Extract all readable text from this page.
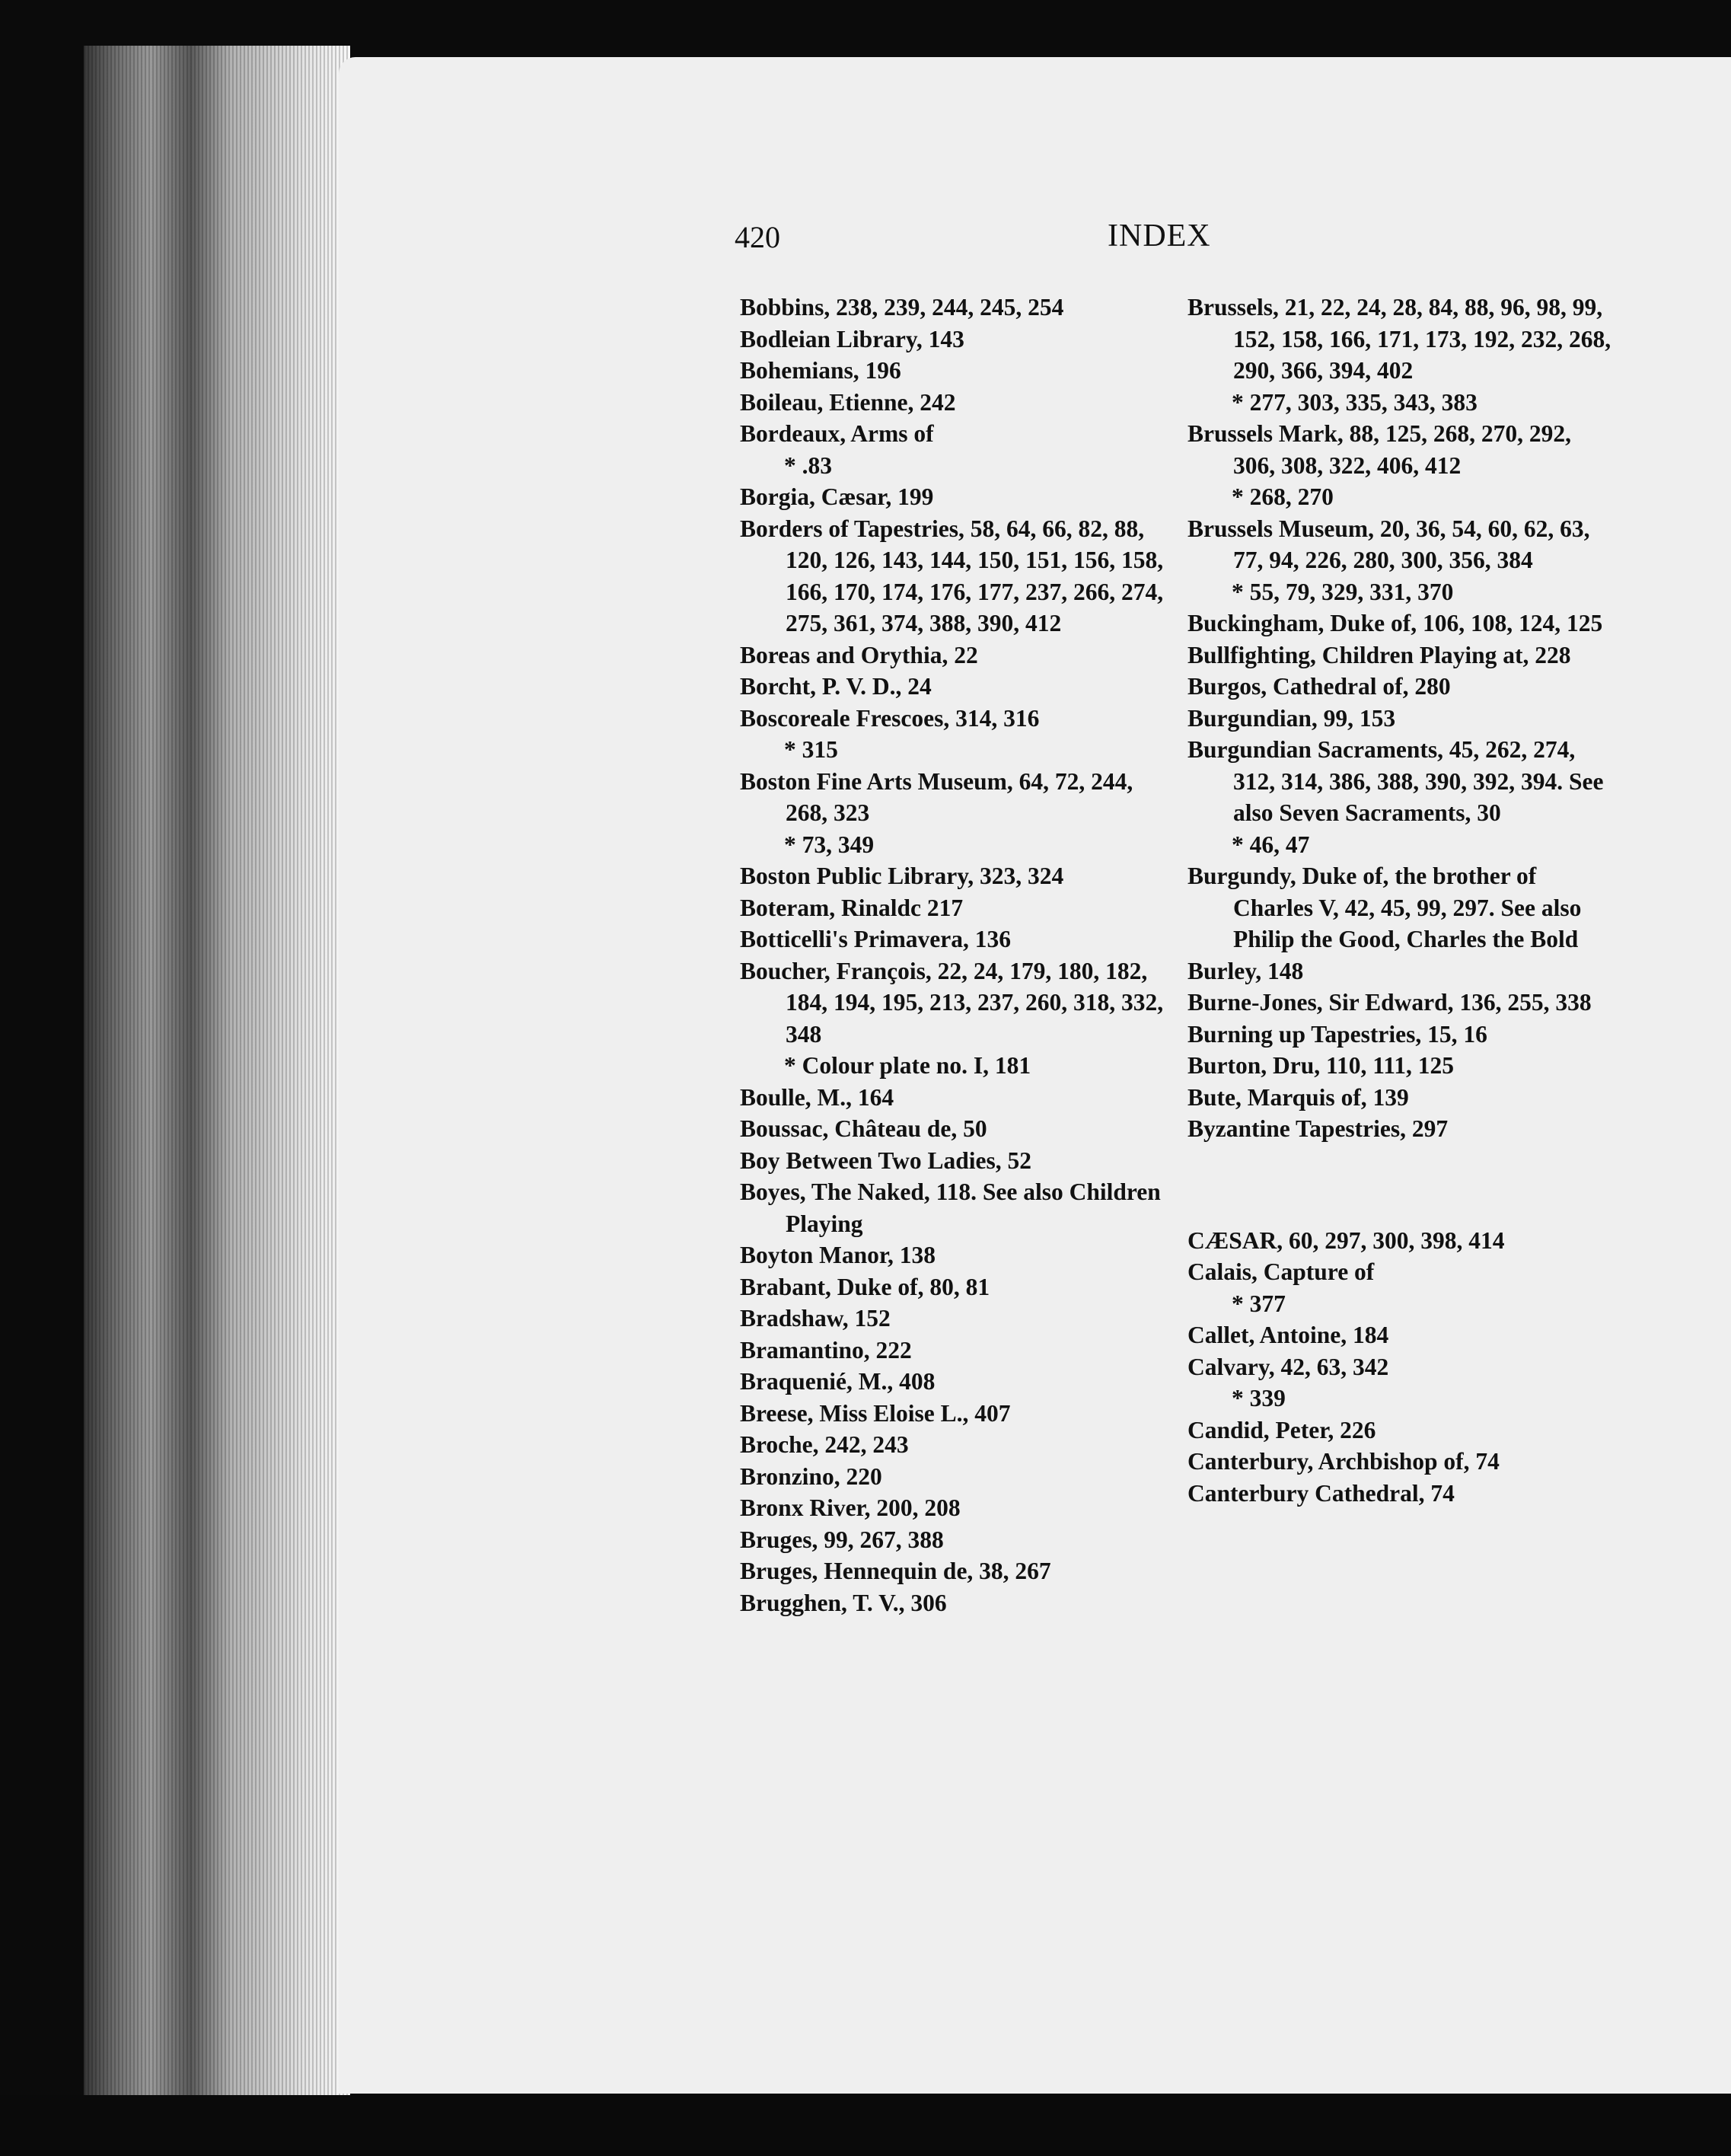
420	INDEX

Bobbins, 238, 239, 244, 245, 254

Bodleian Library, 143

Bohemians, 196

Boileau, Etienne, 242

Bordeaux, Arms of

* .83

Borgia, Cæsar, 199

Borders of Tapestries, 58, 64, 66, 82, 88, 120, 126, 143, 144, 150, 151, 156, 158, 166, 170, 174, 176, 177, 237, 266, 274, 275, 361, 374, 388, 390, 412

Boreas and Orythia, 22

Borcht, P. V. D., 24

Boscoreale Frescoes, 314, 316

* 315

Boston Fine Arts Museum, 64, 72, 244, 268, 323

* 73, 349

Boston Public Library, 323, 324

Boteram, Rinaldc 217

Botticelli's Primavera, 136

Boucher, François, 22, 24, 179, 180, 182, 184, 194, 195, 213, 237, 260, 318, 332, 348

* Colour plate no. I, 181

Boulle, M., 164

Boussac, Château de, 50

Boy Between Two Ladies, 52

Boyes, The Naked, 118. See also Children Playing

Boyton Manor, 138

Brabant, Duke of, 80, 81

Bradshaw, 152

Bramantino, 222

Braquenié, M., 408

Breese, Miss Eloise L., 407

Broche, 242, 243

Bronzino, 220

Bronx River, 200, 208

Bruges, 99, 267, 388

Bruges, Hennequin de, 38, 267

Brugghen, T. V., 306

Brussels, 21, 22, 24, 28, 84, 88, 96, 98, 99, 152, 158, 166, 171, 173, 192, 232, 268, 290, 366, 394, 402

* 277, 303, 335, 343, 383

Brussels Mark, 88, 125, 268, 270, 292, 306, 308, 322, 406, 412

* 268, 270

Brussels Museum, 20, 36, 54, 60, 62, 63, 77, 94, 226, 280, 300, 356, 384

* 55, 79, 329, 331, 370

Buckingham, Duke of, 106, 108, 124, 125

Bullfighting, Children Playing at, 228

Burgos, Cathedral of, 280

Burgundian, 99, 153

Burgundian Sacraments, 45, 262, 274, 312, 314, 386, 388, 390, 392, 394. See also Seven Sacraments, 30

* 46, 47

Burgundy, Duke of, the brother of Charles V, 42, 45, 99, 297. See also Philip the Good, Charles the Bold

Burley, 148

Burne-Jones, Sir Edward, 136, 255, 338

Burning up Tapestries, 15, 16

Burton, Dru, 110, 111, 125

Bute, Marquis of, 139

Byzantine Tapestries, 297

CÆSAR, 60, 297, 300, 398, 414

Calais, Capture of

* 377

Callet, Antoine, 184

Calvary, 42, 63, 342

* 339

Candid, Peter, 226

Canterbury, Archbishop of, 74

Canterbury Cathedral, 74
